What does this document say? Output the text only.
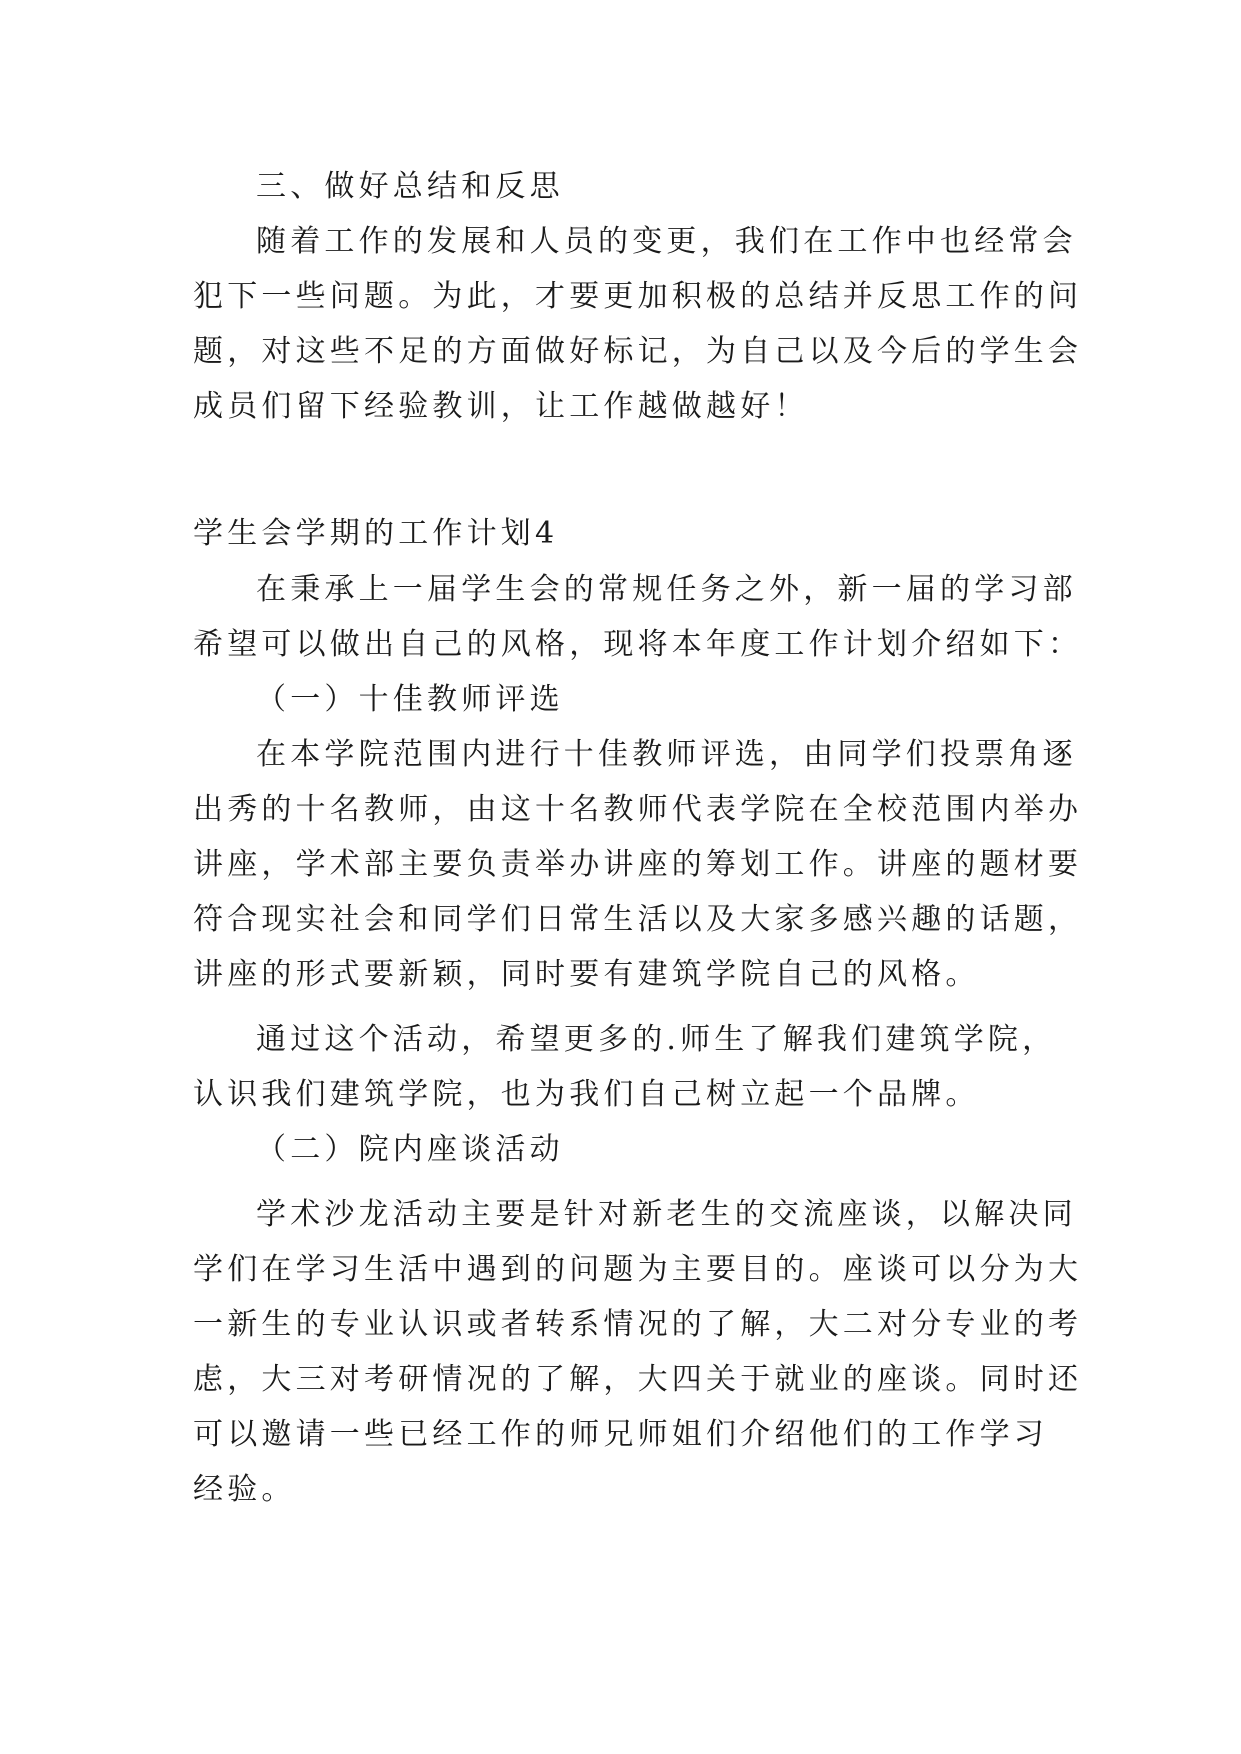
三、做好总结和反思
随着工作的发展和人员的变更，我们在工作中也经常会
犯下一些问题。为此，才要更加积极的总结并反思工作的问
题，对这些不足的方面做好标记，为自己以及今后的学生会
成员们留下经验教训，让工作越做越好！
学生会学期的工作计划4
在秉承上一届学生会的常规任务之外，新一届的学习部
希望可以做出自己的风格，现将本年度工作计划介绍如下：
（一）十佳教师评选
在本学院范围内进行十佳教师评选，由同学们投票角逐
出秀的十名教师，由这十名教师代表学院在全校范围内举办
讲座，学术部主要负责举办讲座的筹划工作。讲座的题材要
符合现实社会和同学们日常生活以及大家多感兴趣的话题，
讲座的形式要新颖，同时要有建筑学院自己的风格。
通过这个活动，希望更多的.师生了解我们建筑学院，
认识我们建筑学院，也为我们自己树立起一个品牌。
（二）院内座谈活动
学术沙龙活动主要是针对新老生的交流座谈，以解决同
学们在学习生活中遇到的问题为主要目的。座谈可以分为大
一新生的专业认识或者转系情况的了解，大二对分专业的考
虑，大三对考研情况的了解，大四关于就业的座谈。同时还
可以邀请一些已经工作的师兄师姐们介绍他们的工作学习
经验。
